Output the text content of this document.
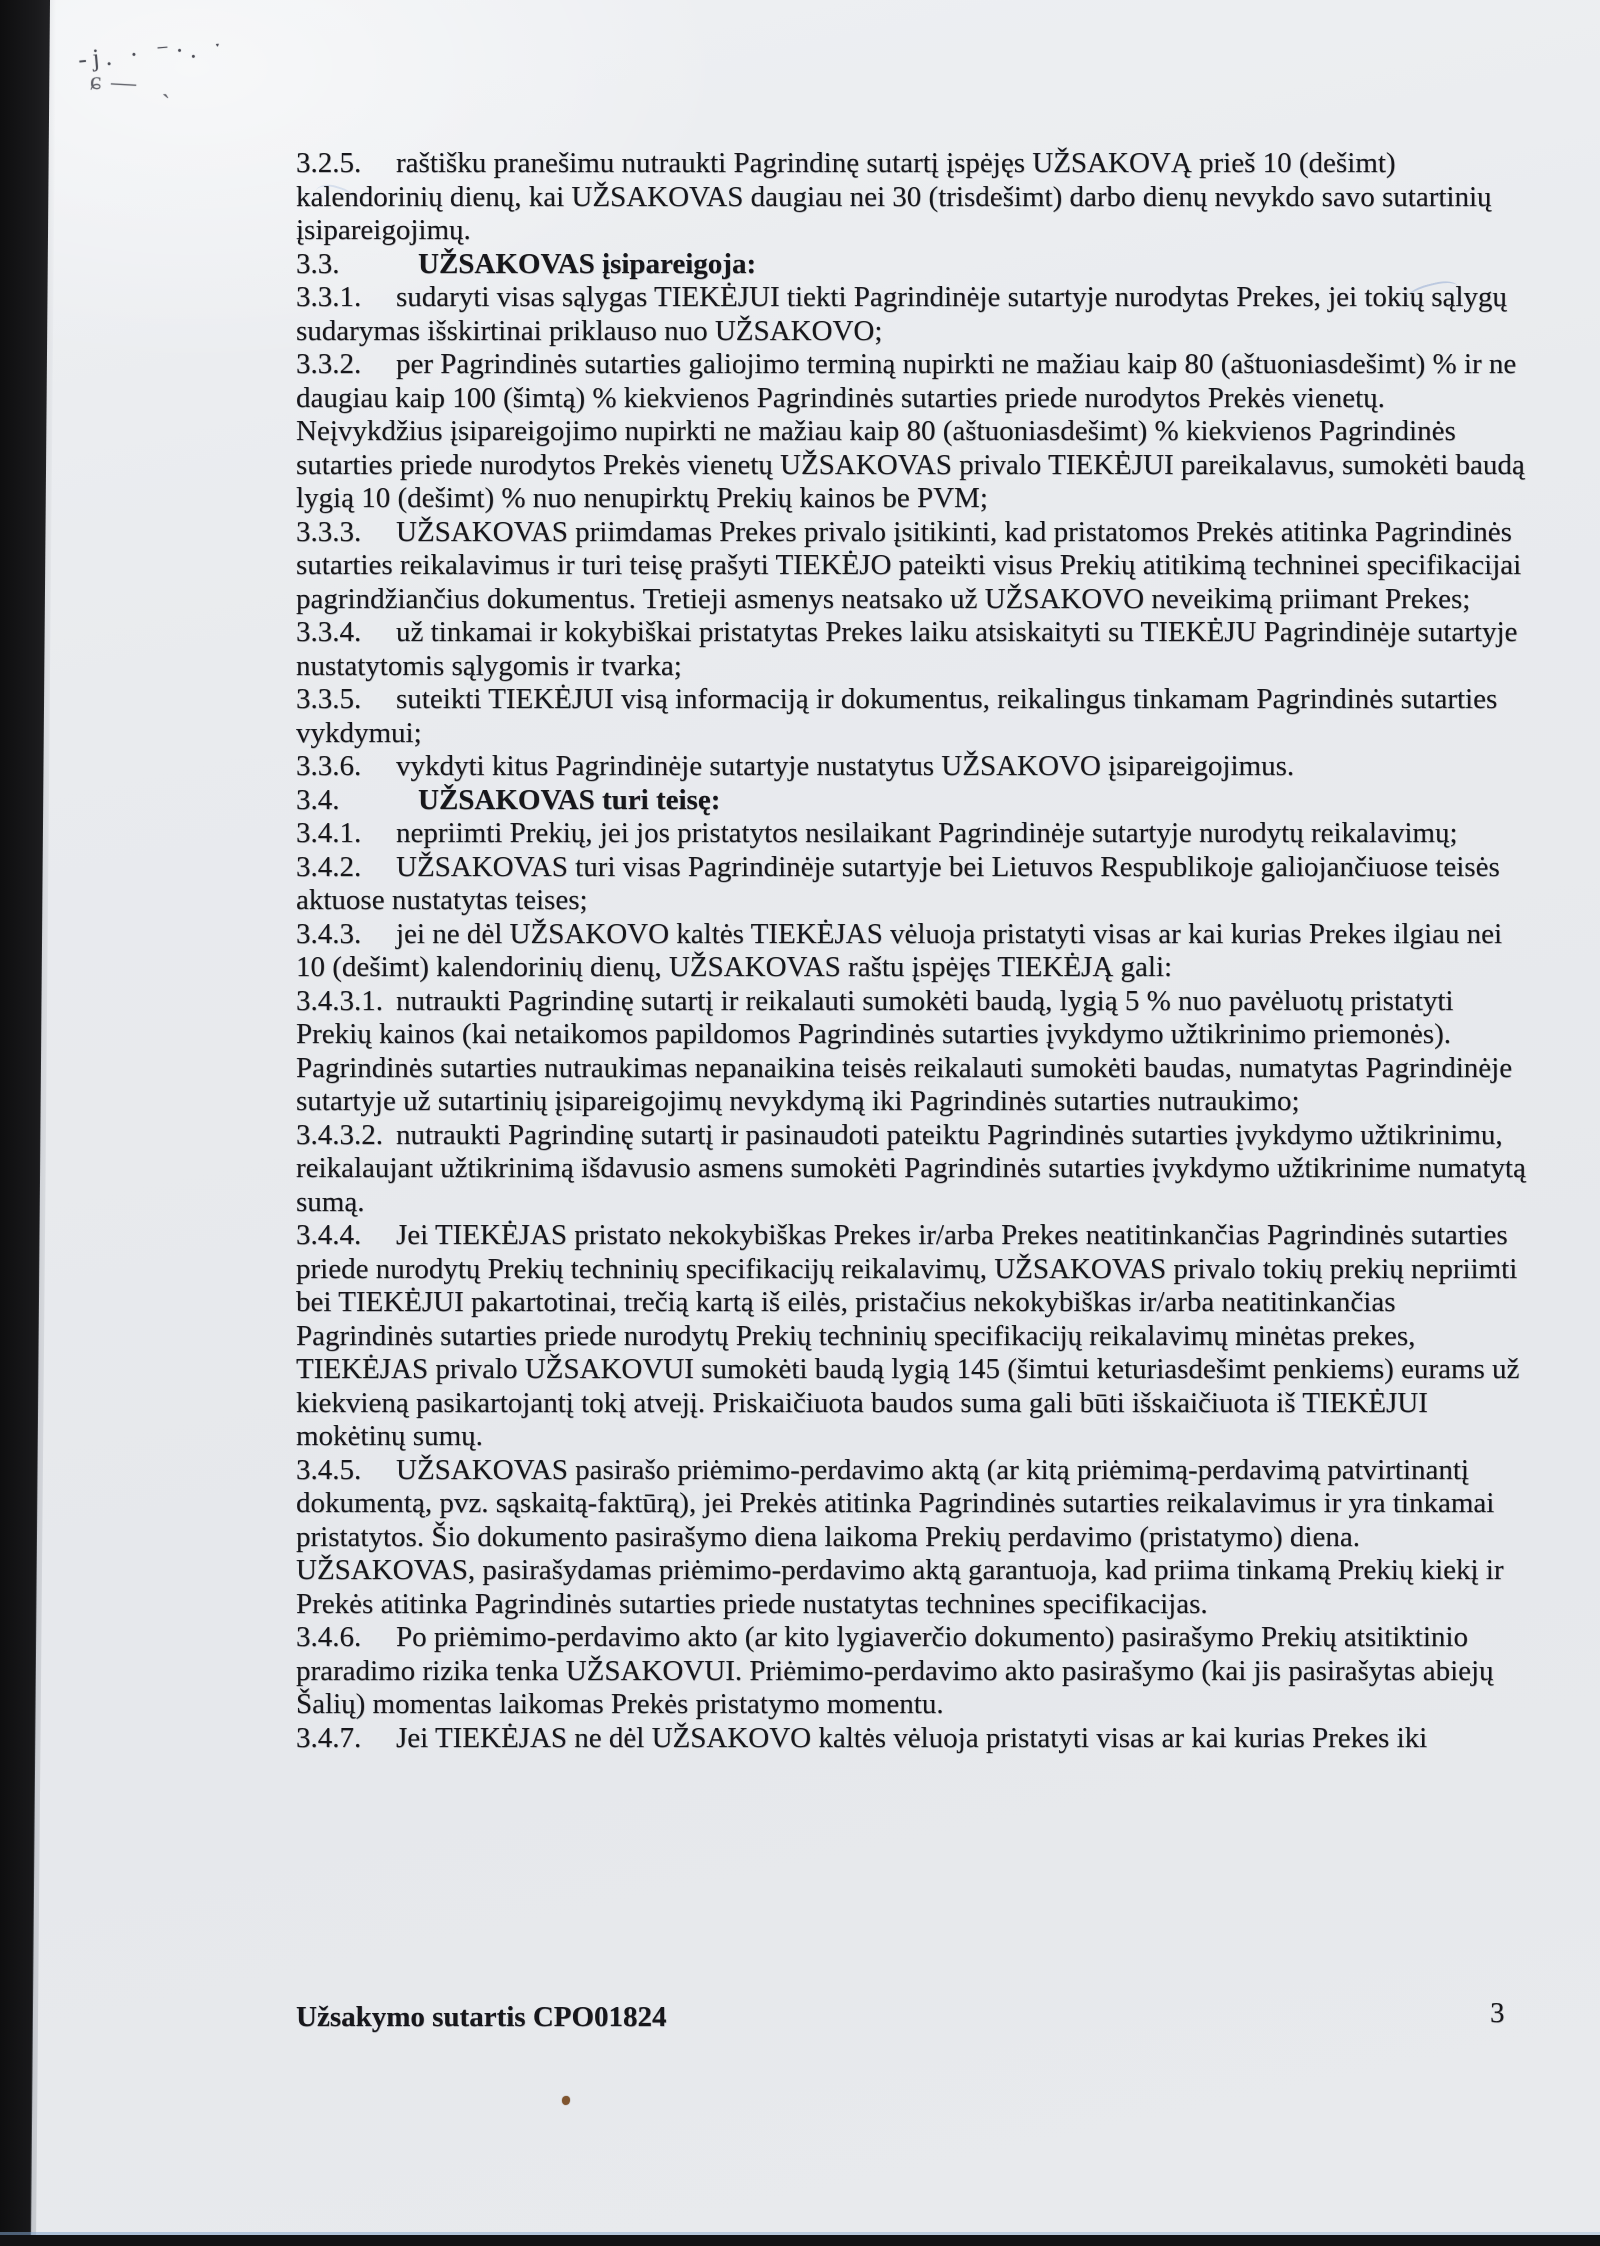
-j. · ⁻·. ˑ
ɕ— ˏ

3.2.5. raštišku pranešimu nutraukti Pagrindinę sutartį įspėjęs UŽSAKOVĄ prieš 10 (dešimt) kalendorinių dienų, kai UŽSAKOVAS daugiau nei 30 (trisdešimt) darbo dienų nevykdo savo sutartinių įsipareigojimų.

3.3.	UŽSAKOVAS įsipareigoja:

3.3.1. sudaryti visas sąlygas TIEKĖJUI tiekti Pagrindinėje sutartyje nurodytas Prekes, jei tokių sąlygų sudarymas išskirtinai priklauso nuo UŽSAKOVO;

3.3.2. per Pagrindinės sutarties galiojimo terminą nupirkti ne mažiau kaip 80 (aštuoniasdešimt) % ir ne daugiau kaip 100 (šimtą) % kiekvienos Pagrindinės sutarties priede nurodytos Prekės vienetų. Neįvykdžius įsipareigojimo nupirkti ne mažiau kaip 80 (aštuoniasdešimt) % kiekvienos Pagrindinės sutarties priede nurodytos Prekės vienetų UŽSAKOVAS privalo TIEKĖJUI pareikalavus, sumokėti baudą lygią 10 (dešimt) % nuo nenupirktų Prekių kainos be PVM;

3.3.3. UŽSAKOVAS priimdamas Prekes privalo įsitikinti, kad pristatomos Prekės atitinka Pagrindinės sutarties reikalavimus ir turi teisę prašyti TIEKĖJO pateikti visus Prekių atitikimą techninei specifikacijai pagrindžiančius dokumentus. Tretieji asmenys neatsako už UŽSAKOVO neveikimą priimant Prekes;

3.3.4. už tinkamai ir kokybiškai pristatytas Prekes laiku atsiskaityti su TIEKĖJU Pagrindinėje sutartyje nustatytomis sąlygomis ir tvarka;

3.3.5. suteikti TIEKĖJUI visą informaciją ir dokumentus, reikalingus tinkamam Pagrindinės sutarties vykdymui;

3.3.6. vykdyti kitus Pagrindinėje sutartyje nustatytus UŽSAKOVO įsipareigojimus.

3.4.	UŽSAKOVAS turi teisę:

3.4.1. nepriimti Prekių, jei jos pristatytos nesilaikant Pagrindinėje sutartyje nurodytų reikalavimų;

3.4.2. UŽSAKOVAS turi visas Pagrindinėje sutartyje bei Lietuvos Respublikoje galiojančiuose teisės aktuose nustatytas teises;

3.4.3. jei ne dėl UŽSAKOVO kaltės TIEKĖJAS vėluoja pristatyti visas ar kai kurias Prekes ilgiau nei 10 (dešimt) kalendorinių dienų, UŽSAKOVAS raštu įspėjęs TIEKĖJĄ gali:

3.4.3.1. nutraukti Pagrindinę sutartį ir reikalauti sumokėti baudą, lygią 5 % nuo pavėluotų pristatyti Prekių kainos (kai netaikomos papildomos Pagrindinės sutarties įvykdymo užtikrinimo priemonės). Pagrindinės sutarties nutraukimas nepanaikina teisės reikalauti sumokėti baudas, numatytas Pagrindinėje sutartyje už sutartinių įsipareigojimų nevykdymą iki Pagrindinės sutarties nutraukimo;

3.4.3.2. nutraukti Pagrindinę sutartį ir pasinaudoti pateiktu Pagrindinės sutarties įvykdymo užtikrinimu, reikalaujant užtikrinimą išdavusio asmens sumokėti Pagrindinės sutarties įvykdymo užtikrinime numatytą sumą.

3.4.4. Jei TIEKĖJAS pristato nekokybiškas Prekes ir/arba Prekes neatitinkančias Pagrindinės sutarties priede nurodytų Prekių techninių specifikacijų reikalavimų, UŽSAKOVAS privalo tokių prekių nepriimti bei TIEKĖJUI pakartotinai, trečią kartą iš eilės, pristačius nekokybiškas ir/arba neatitinkančias Pagrindinės sutarties priede nurodytų Prekių techninių specifikacijų reikalavimų minėtas prekes, TIEKĖJAS privalo UŽSAKOVUI sumokėti baudą lygią 145 (šimtui keturiasdešimt penkiems) eurams už kiekvieną pasikartojantį tokį atvejį. Priskaičiuota baudos suma gali būti išskaičiuota iš TIEKĖJUI mokėtinų sumų.

3.4.5. UŽSAKOVAS pasirašo priėmimo-perdavimo aktą (ar kitą priėmimą-perdavimą patvirtinantį dokumentą, pvz. sąskaitą-faktūrą), jei Prekės atitinka Pagrindinės sutarties reikalavimus ir yra tinkamai pristatytos. Šio dokumento pasirašymo diena laikoma Prekių perdavimo (pristatymo) diena. UŽSAKOVAS, pasirašydamas priėmimo-perdavimo aktą garantuoja, kad priima tinkamą Prekių kiekį ir Prekės atitinka Pagrindinės sutarties priede nustatytas technines specifikacijas.

3.4.6. Po priėmimo-perdavimo akto (ar kito lygiaverčio dokumento) pasirašymo Prekių atsitiktinio praradimo rizika tenka UŽSAKOVUI. Priėmimo-perdavimo akto pasirašymo (kai jis pasirašytas abiejų Šalių) momentas laikomas Prekės pristatymo momentu.

3.4.7. Jei TIEKĖJAS ne dėl UŽSAKOVO kaltės vėluoja pristatyti visas ar kai kurias Prekes iki

Užsakymo sutartis CPO01824	3
